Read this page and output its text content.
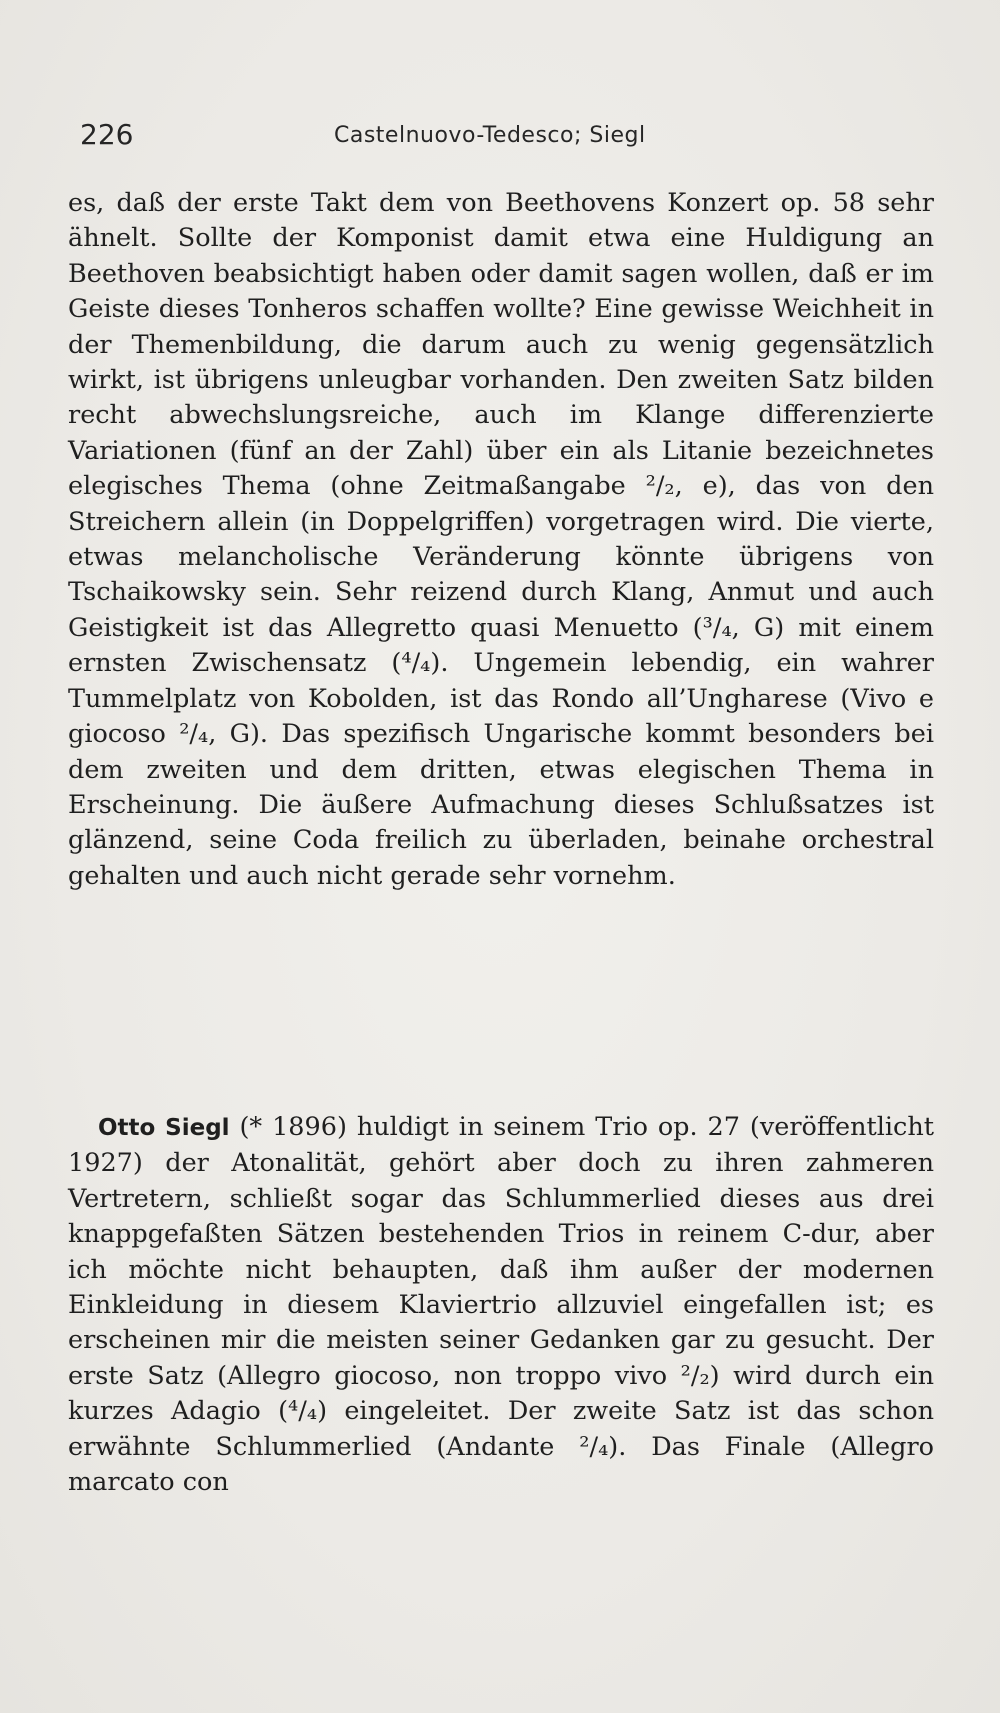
226	Castelnuovo-Tedesco; Siegl

es, daß der erste Takt dem von Beethovens Konzert op. 58 sehr ähnelt. Sollte der Komponist damit etwa eine Huldigung an Beethoven beabsichtigt haben oder damit sagen wollen, daß er im Geiste dieses Tonheros schaffen wollte? Eine gewisse Weichheit in der Themenbildung, die darum auch zu wenig gegensätzlich wirkt, ist übrigens unleugbar vorhanden. Den zweiten Satz bilden recht abwechslungsreiche, auch im Klange differenzierte Variationen (fünf an der Zahl) über ein als Litanie bezeichnetes elegisches Thema (ohne Zeitmaßangabe ²/₂, e), das von den Streichern allein (in Doppelgriffen) vorgetragen wird. Die vierte, etwas melancholische Veränderung könnte übrigens von Tschaikowsky sein. Sehr reizend durch Klang, Anmut und auch Geistigkeit ist das Allegretto quasi Menuetto (³/₄, G) mit einem ernsten Zwischensatz (⁴/₄). Ungemein lebendig, ein wahrer Tummelplatz von Kobolden, ist das Rondo all’Ungharese (Vivo e giocoso ²/₄, G). Das spezifisch Ungarische kommt besonders bei dem zweiten und dem dritten, etwas elegischen Thema in Erscheinung. Die äußere Aufmachung dieses Schlußsatzes ist glänzend, seine Coda freilich zu überladen, beinahe orchestral gehalten und auch nicht gerade sehr vornehm.

Otto Siegl (* 1896) huldigt in seinem Trio op. 27 (veröffentlicht 1927) der Atonalität, gehört aber doch zu ihren zahmeren Vertretern, schließt sogar das Schlummerlied dieses aus drei knappgefaßten Sätzen bestehenden Trios in reinem C-dur, aber ich möchte nicht behaupten, daß ihm außer der modernen Einkleidung in diesem Klaviertrio allzuviel eingefallen ist; es erscheinen mir die meisten seiner Gedanken gar zu gesucht. Der erste Satz (Allegro giocoso, non troppo vivo ²/₂) wird durch ein kurzes Adagio (⁴/₄) eingeleitet. Der zweite Satz ist das schon erwähnte Schlummerlied (Andante ²/₄). Das Finale (Allegro marcato con
